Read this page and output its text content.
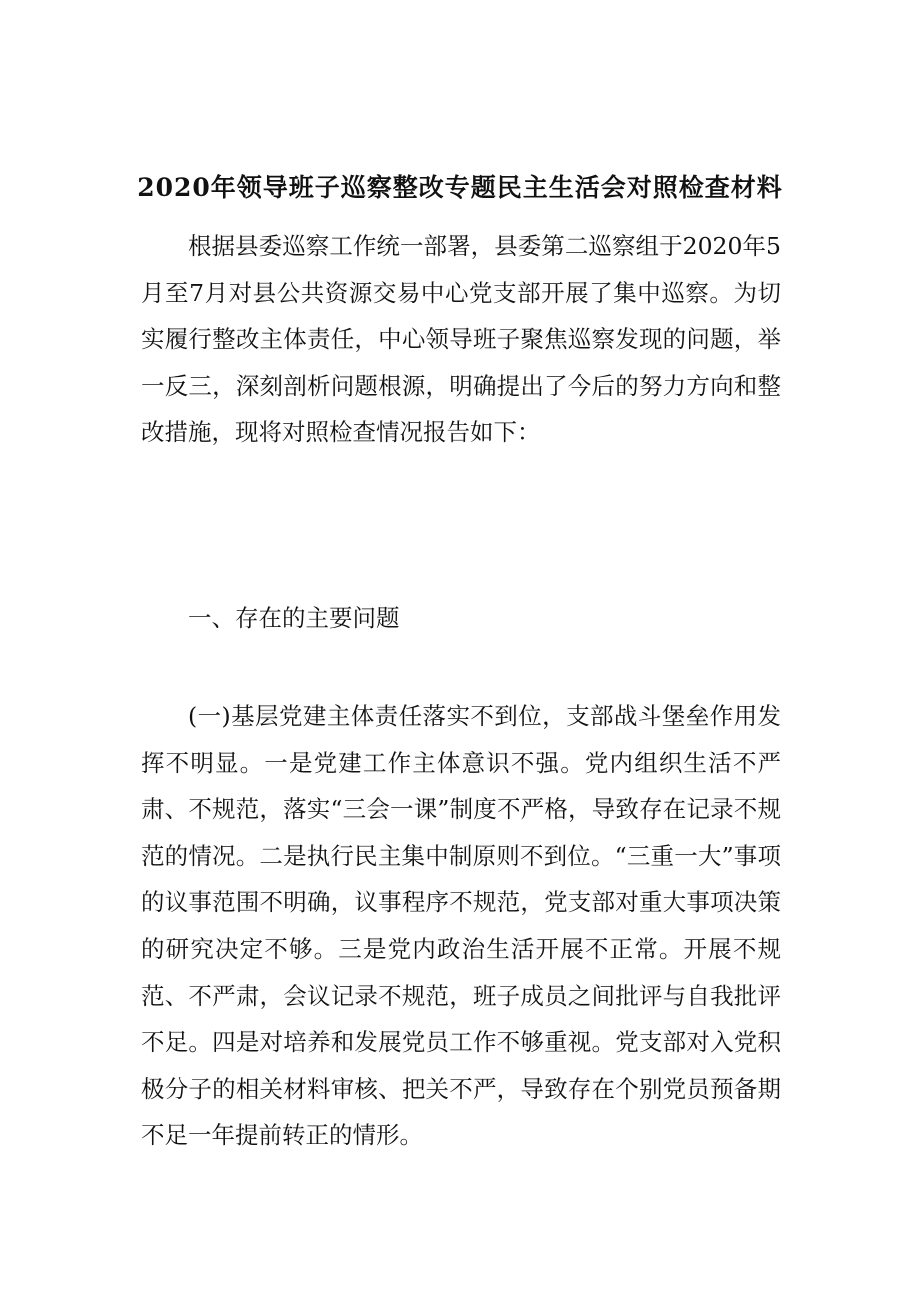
2020年领导班子巡察整改专题民主生活会对照检查材料

根据县委巡察工作统一部署，县委第二巡察组于2020年5月至7月对县公共资源交易中心党支部开展了集中巡察。为切实履行整改主体责任，中心领导班子聚焦巡察发现的问题，举一反三，深刻剖析问题根源，明确提出了今后的努力方向和整改措施，现将对照检查情况报告如下：

一、存在的主要问题

(一)基层党建主体责任落实不到位，支部战斗堡垒作用发挥不明显。一是党建工作主体意识不强。党内组织生活不严肃、不规范，落实“三会一课”制度不严格，导致存在记录不规范的情况。二是执行民主集中制原则不到位。“三重一大”事项的议事范围不明确，议事程序不规范，党支部对重大事项决策的研究决定不够。三是党内政治生活开展不正常。开展不规范、不严肃，会议记录不规范，班子成员之间批评与自我批评不足。四是对培养和发展党员工作不够重视。党支部对入党积极分子的相关材料审核、把关不严，导致存在个别党员预备期不足一年提前转正的情形。
